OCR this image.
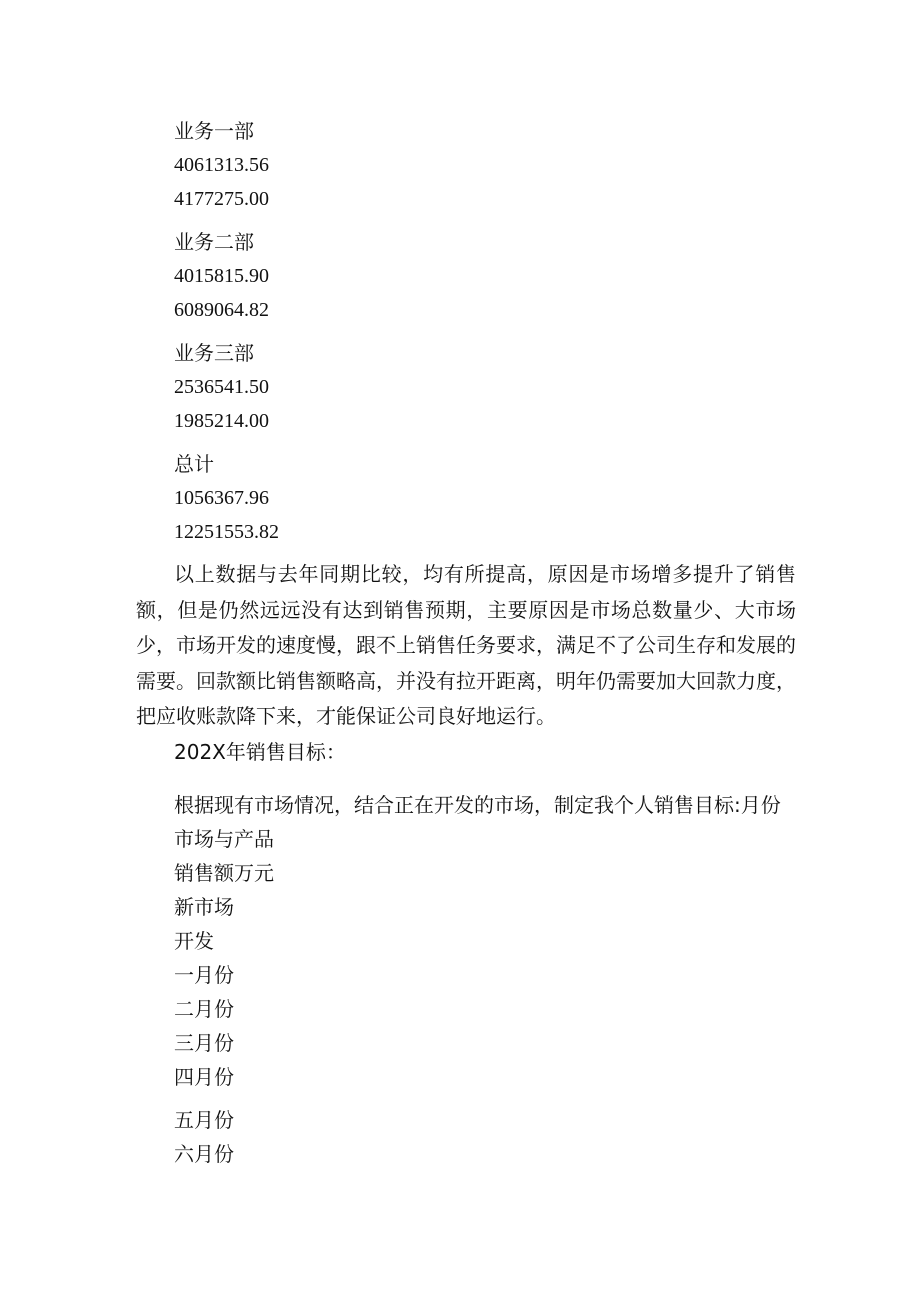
业务一部
4061313.56
4177275.00
业务二部
4015815.90
6089064.82
业务三部
2536541.50
1985214.00
总计
1056367.96
12251553.82
以上数据与去年同期比较，均有所提高，原因是市场增多提升了销售额，但是仍然远远没有达到销售预期，主要原因是市场总数量少、大市场少，市场开发的速度慢，跟不上销售任务要求，满足不了公司生存和发展的需要。回款额比销售额略高，并没有拉开距离，明年仍需要加大回款力度，把应收账款降下来，才能保证公司良好地运行。
202X年销售目标：
根据现有市场情况，结合正在开发的市场，制定我个人销售目标:月份
市场与产品
销售额万元
新市场
开发
一月份
二月份
三月份
四月份
五月份
六月份
